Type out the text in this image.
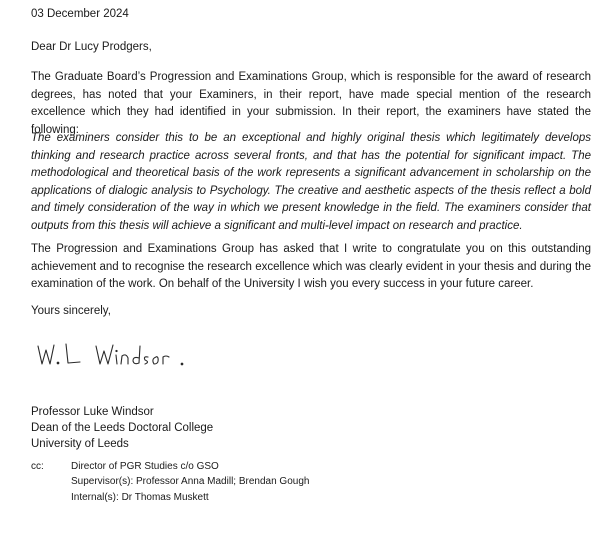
03 December 2024
Dear Dr Lucy Prodgers,
The Graduate Board’s Progression and Examinations Group, which is responsible for the award of research degrees, has noted that your Examiners, in their report, have made special mention of the research excellence which they had identified in your submission. In their report, the examiners have stated the following:
The examiners consider this to be an exceptional and highly original thesis which legitimately develops thinking and research practice across several fronts, and that has the potential for significant impact. The methodological and theoretical basis of the work represents a significant advancement in scholarship on the applications of dialogic analysis to Psychology. The creative and aesthetic aspects of the thesis reflect a bold and timely consideration of the way in which we present knowledge in the field. The examiners consider that outputs from this thesis will achieve a significant and multi-level impact on research and practice.
The Progression and Examinations Group has asked that I write to congratulate you on this outstanding achievement and to recognise the research excellence which was clearly evident in your thesis and during the examination of the work. On behalf of the University I wish you every success in your future career.
Yours sincerely,
Professor Luke Windsor
Dean of the Leeds Doctoral College
University of Leeds
cc:	Director of PGR Studies c/o GSO
Supervisor(s): Professor Anna Madill; Brendan Gough
Internal(s): Dr Thomas Muskett
